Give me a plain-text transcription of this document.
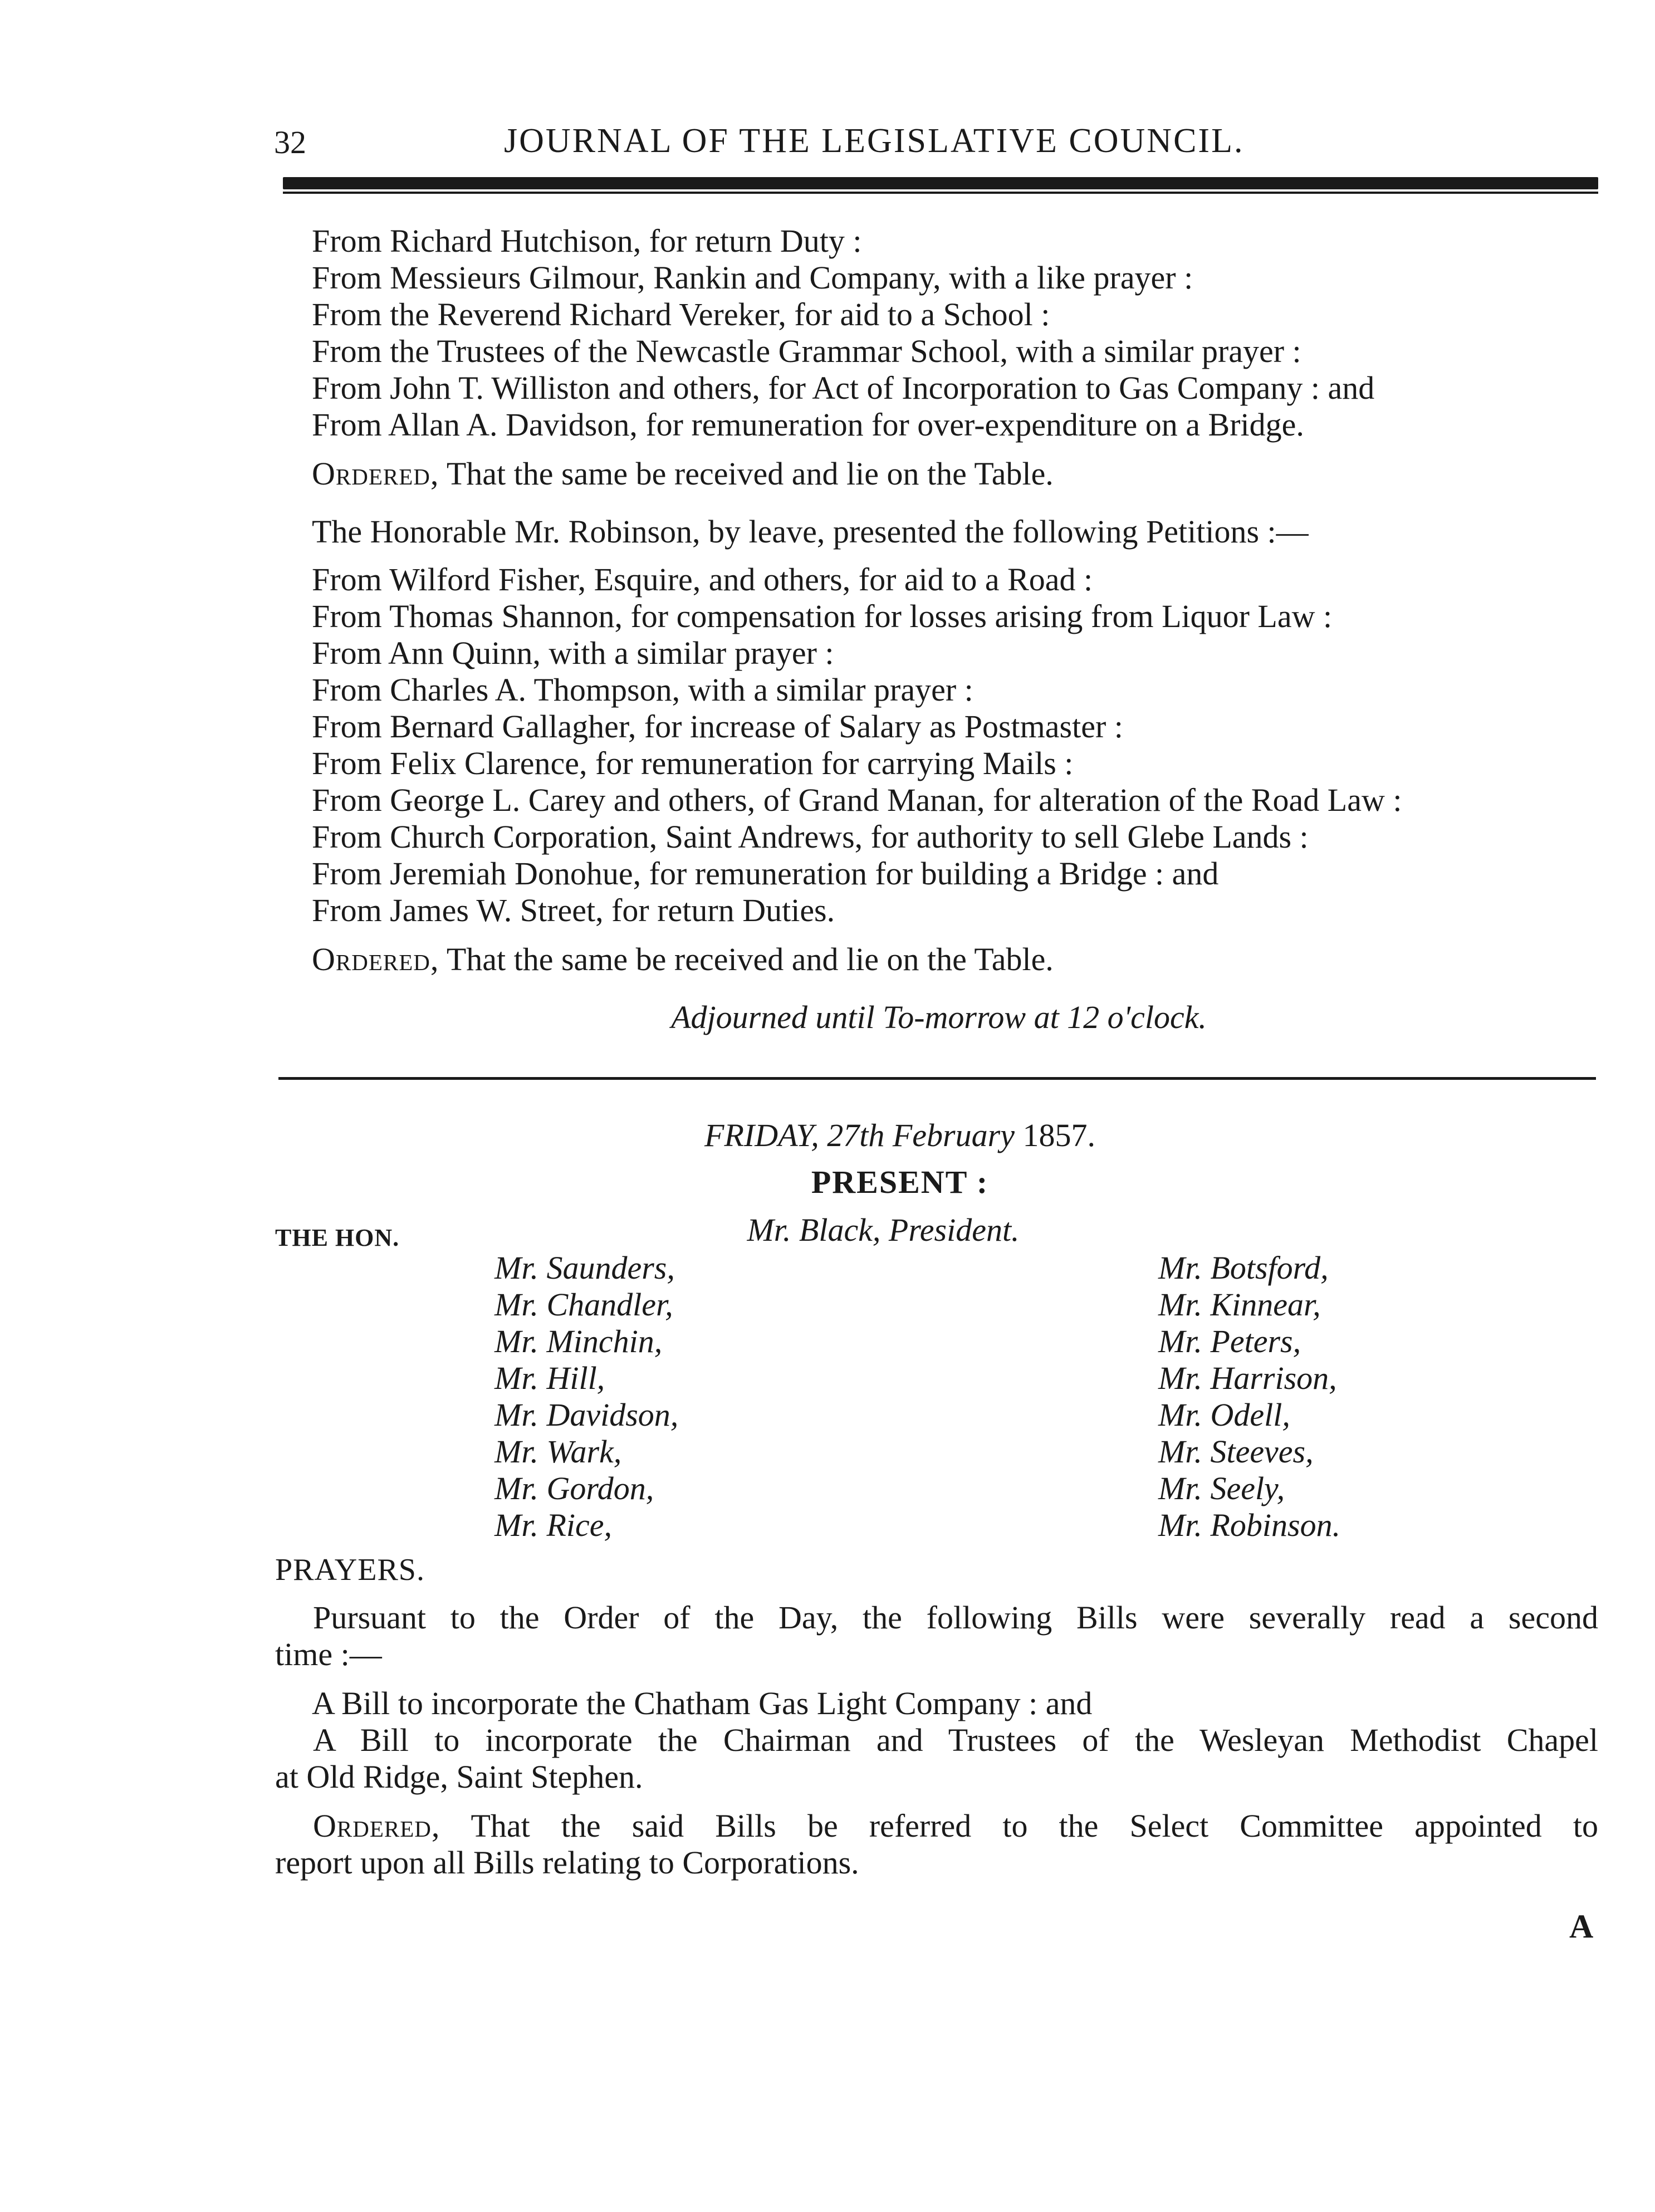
32	JOURNAL OF THE LEGISLATIVE COUNCIL.
From Richard Hutchison, for return Duty :
From Messieurs Gilmour, Rankin and Company, with a like prayer :
From the Reverend Richard Vereker, for aid to a School :
From the Trustees of the Newcastle Grammar School, with a similar prayer :
From John T. Williston and others, for Act of Incorporation to Gas Company : and
From Allan A. Davidson, for remuneration for over-expenditure on a Bridge.
Ordered, That the same be received and lie on the Table.
The Honorable Mr. Robinson, by leave, presented the following Petitions :—
From Wilford Fisher, Esquire, and others, for aid to a Road :
From Thomas Shannon, for compensation for losses arising from Liquor Law :
From Ann Quinn, with a similar prayer :
From Charles A. Thompson, with a similar prayer :
From Bernard Gallagher, for increase of Salary as Postmaster :
From Felix Clarence, for remuneration for carrying Mails :
From George L. Carey and others, of Grand Manan, for alteration of the Road Law :
From Church Corporation, Saint Andrews, for authority to sell Glebe Lands :
From Jeremiah Donohue, for remuneration for building a Bridge : and
From James W. Street, for return Duties.
Ordered, That the same be received and lie on the Table.
Adjourned until To-morrow at 12 o'clock.
FRIDAY, 27th February 1857.
PRESENT :
THE HON.	Mr. Black, President.
Mr. Saunders,
Mr. Chandler,
Mr. Minchin,
Mr. Hill,
Mr. Davidson,
Mr. Wark,
Mr. Gordon,
Mr. Rice,
Mr. Botsford,
Mr. Kinnear,
Mr. Peters,
Mr. Harrison,
Mr. Odell,
Mr. Steeves,
Mr. Seely,
Mr. Robinson.
PRAYERS.
Pursuant to the Order of the Day, the following Bills were severally read a second
time :—
A Bill to incorporate the Chatham Gas Light Company : and
A Bill to incorporate the Chairman and Trustees of the Wesleyan Methodist Chapel
at Old Ridge, Saint Stephen.
Ordered, That the said Bills be referred to the Select Committee appointed to
report upon all Bills relating to Corporations.
A
